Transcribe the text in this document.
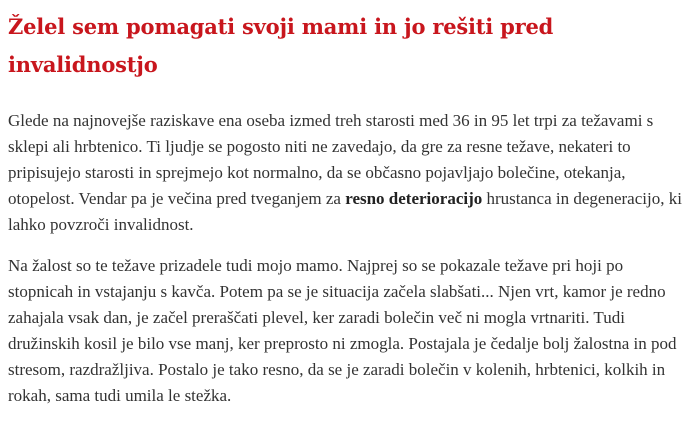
Želel sem pomagati svoji mami in jo rešiti pred invalidnostjo

Glede na najnovejše raziskave ena oseba izmed treh starosti med 36 in 95 let trpi za težavami s sklepi ali hrbtenico. Ti ljudje se pogosto niti ne zavedajo, da gre za resne težave, nekateri to pripisujejo starosti in sprejmejo kot normalno, da se občasno pojavljajo bolečine, otekanja, otopelost. Vendar pa je večina pred tveganjem za resno deterioracijo hrustanca in degeneracijo, ki lahko povzroči invalidnost.

Na žalost so te težave prizadele tudi mojo mamo. Najprej so se pokazale težave pri hoji po stopnicah in vstajanju s kavča. Potem pa se je situacija začela slabšati... Njen vrt, kamor je redno zahajala vsak dan, je začel preraščati plevel, ker zaradi bolečin več ni mogla vrtnariti. Tudi družinskih kosil je bilo vse manj, ker preprosto ni zmogla. Postajala je čedalje bolj žalostna in pod stresom, razdražljiva. Postalo je tako resno, da se je zaradi bolečin v kolenih, hrbtenici, kolkih in rokah, sama tudi umila le stežka.
